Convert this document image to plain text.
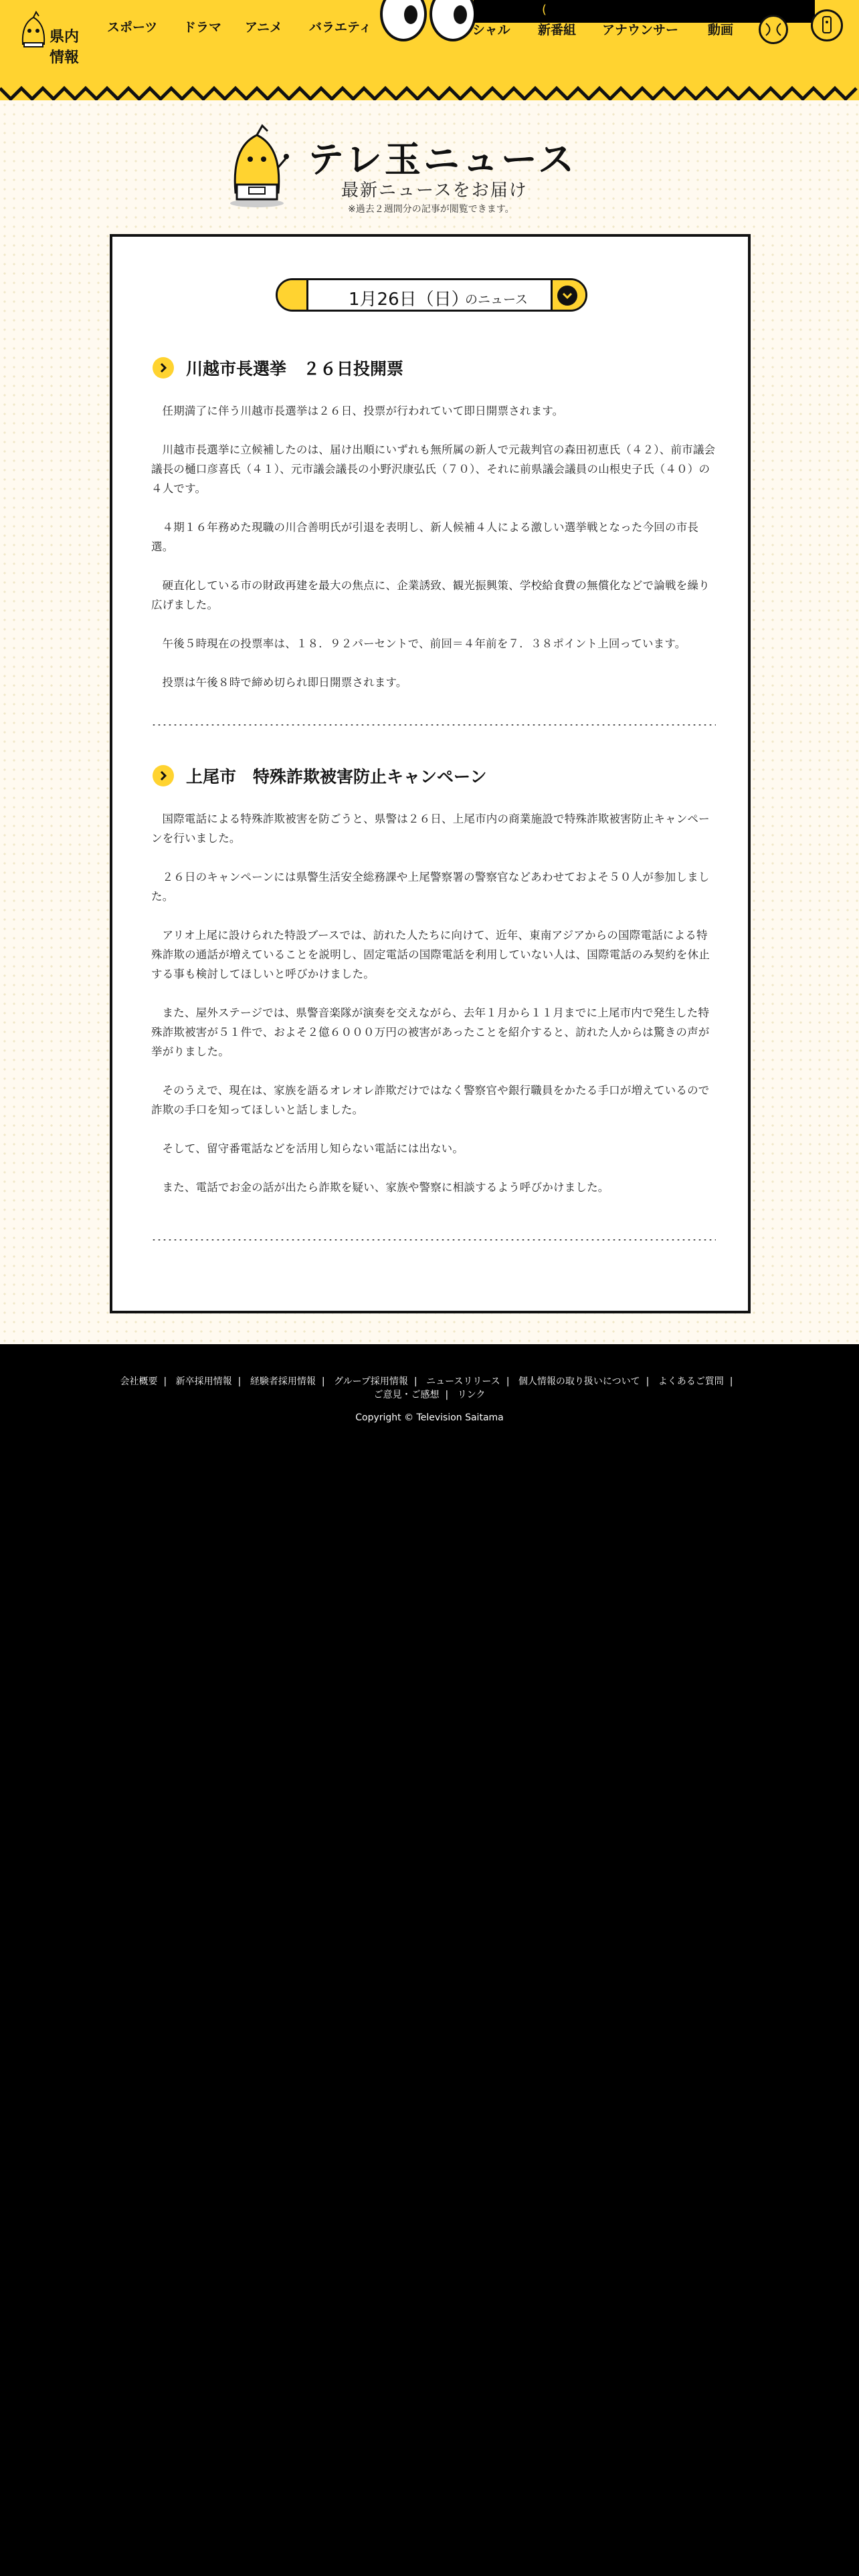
県内情報
スポーツ ドラマ アニメ バラエティ
(
シャル 新番組 アナウンサー 動画
テレ玉ニュース
最新ニュースをお届け
※過去２週間分の記事が閲覧できます。
1月26日（日）
のニュース
川越市長選挙　２６日投開票

任期満了に伴う川越市長選挙は２６日、投票が行われていて即日開票されます。

川越市長選挙に立候補したのは、届け出順にいずれも無所属の新人で元裁判官の森田初恵氏（４２）、前市議会議長の樋口彦喜氏（４１）、元市議会議長の小野沢康弘氏（７０）、それに前県議会議員の山根史子氏（４０）の４人です。

４期１６年務めた現職の川合善明氏が引退を表明し、新人候補４人による激しい選挙戦となった今回の市長選。

硬直化している市の財政再建を最大の焦点に、企業誘致、観光振興策、学校給食費の無償化などで論戦を繰り広げました。

午後５時現在の投票率は、１８．９２パーセントで、前回＝４年前を７．３８ポイント上回っています。

投票は午後８時で締め切られ即日開票されます。

上尾市　特殊詐欺被害防止キャンペーン

国際電話による特殊詐欺被害を防ごうと、県警は２６日、上尾市内の商業施設で特殊詐欺被害防止キャンペーンを行いました。

２６日のキャンペーンには県警生活安全総務課や上尾警察署の警察官などあわせておよそ５０人が参加しました。

アリオ上尾に設けられた特設ブースでは、訪れた人たちに向けて、近年、東南アジアからの国際電話による特殊詐欺の通話が増えていることを説明し、固定電話の国際電話を利用していない人は、国際電話のみ契約を休止する事も検討してほしいと呼びかけました。

また、屋外ステージでは、県警音楽隊が演奏を交えながら、去年１月から１１月までに上尾市内で発生した特殊詐欺被害が５１件で、およそ２億６０００万円の被害があったことを紹介すると、訪れた人からは驚きの声が挙がりました。

そのうえで、現在は、家族を語るオレオレ詐欺だけではなく警察官や銀行職員をかたる手口が増えているので詐欺の手口を知ってほしいと話しました。

そして、留守番電話などを活用し知らない電話には出ない。

また、電話でお金の話が出たら詐欺を疑い、家族や警察に相談するよう呼びかけました。

会社概要 | 新卒採用情報 | 経験者採用情報 | グループ採用情報 | ニュースリリース | 個人情報の取り扱いについて | よくあるご質問 |
ご意見・ご感想 | リンク
Copyright © Television Saitama
